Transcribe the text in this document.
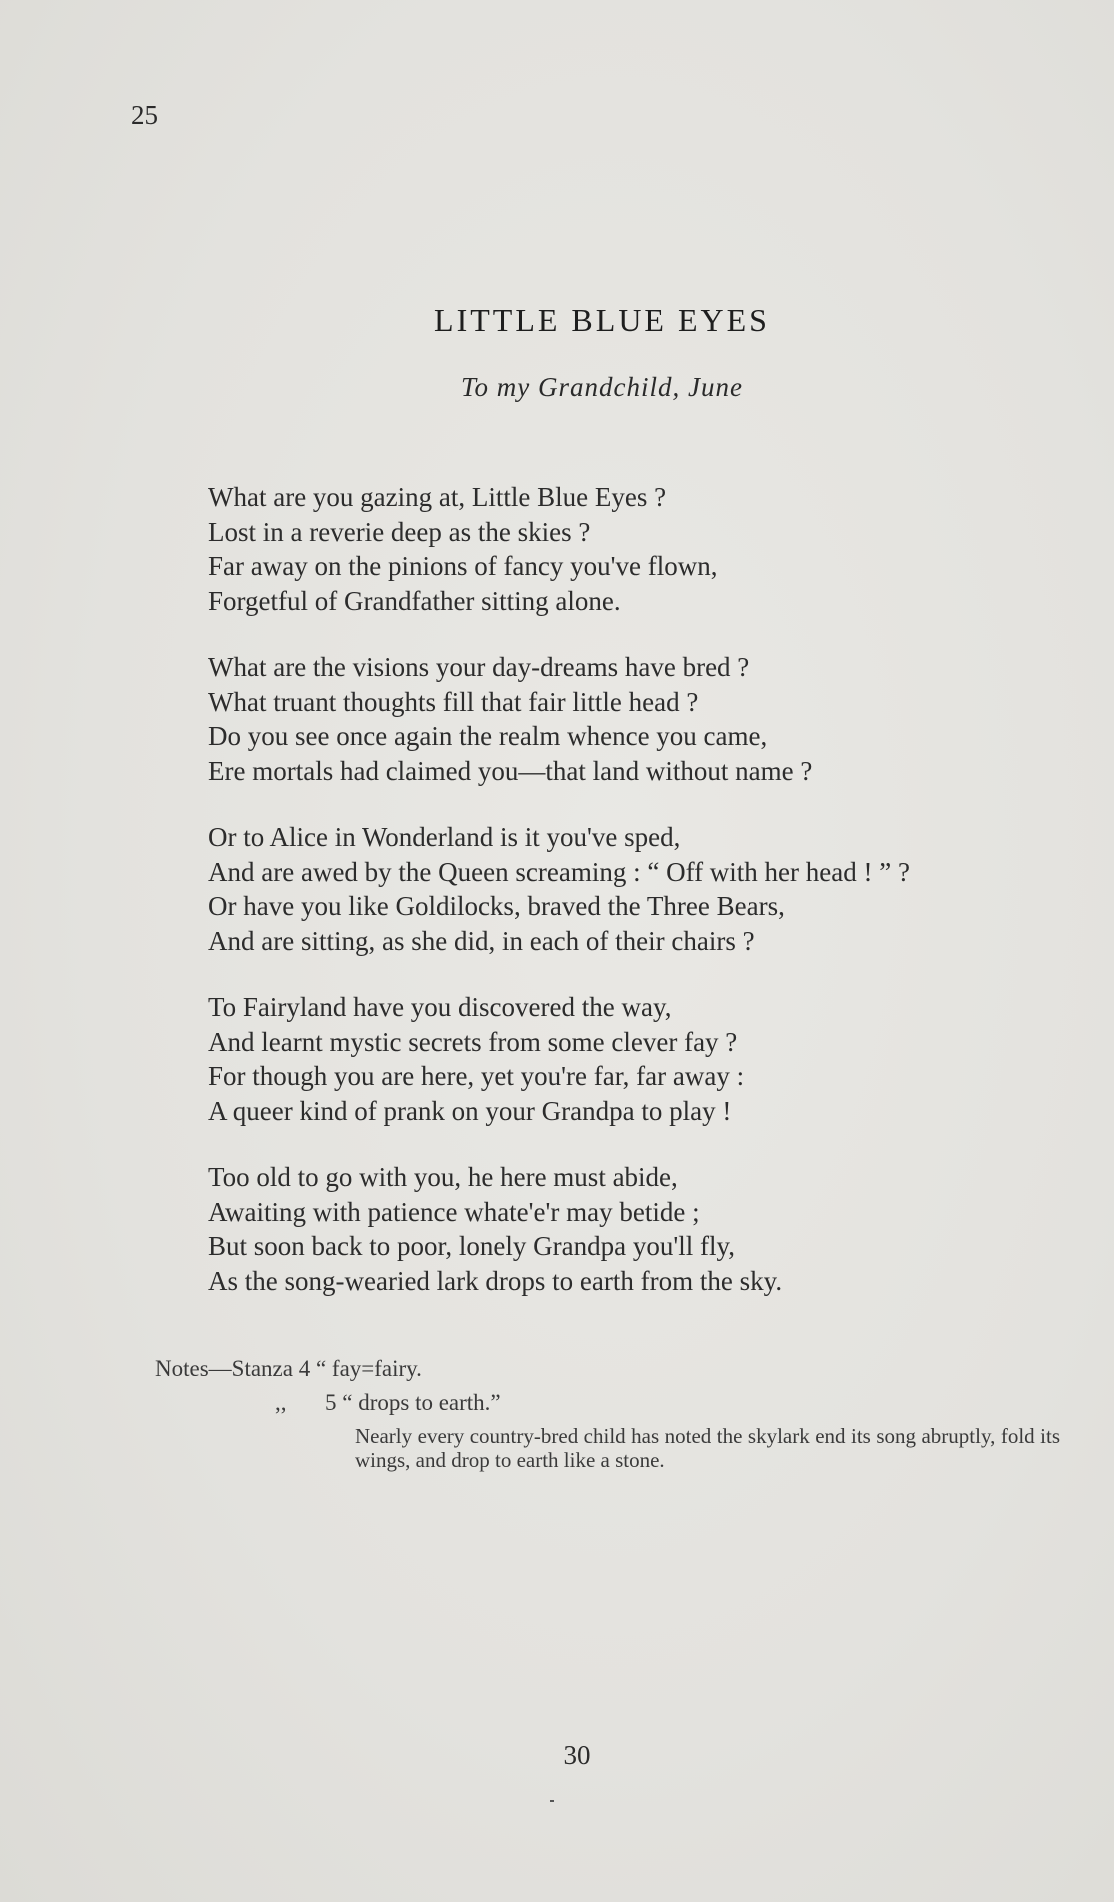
25
LITTLE BLUE EYES
To my Grandchild, June
What are you gazing at, Little Blue Eyes ?
Lost in a reverie deep as the skies ?
Far away on the pinions of fancy you've flown,
Forgetful of Grandfather sitting alone.
What are the visions your day-dreams have bred ?
What truant thoughts fill that fair little head ?
Do you see once again the realm whence you came,
Ere mortals had claimed you—that land without name ?
Or to Alice in Wonderland is it you've sped,
And are awed by the Queen screaming : “ Off with her head ! ” ?
Or have you like Goldilocks, braved the Three Bears,
And are sitting, as she did, in each of their chairs ?
To Fairyland have you discovered the way,
And learnt mystic secrets from some clever fay ?
For though you are here, yet you're far, far away :
A queer kind of prank on your Grandpa to play !
Too old to go with you, he here must abide,
Awaiting with patience whate'e'r may betide ;
But soon back to poor, lonely Grandpa you'll fly,
As the song-wearied lark drops to earth from the sky.
Notes—Stanza 4 “ fay=fairy.
,, 5 “ drops to earth.”
Nearly every country-bred child has noted the skylark end its song abruptly, fold its wings, and drop to earth like a stone.
30
